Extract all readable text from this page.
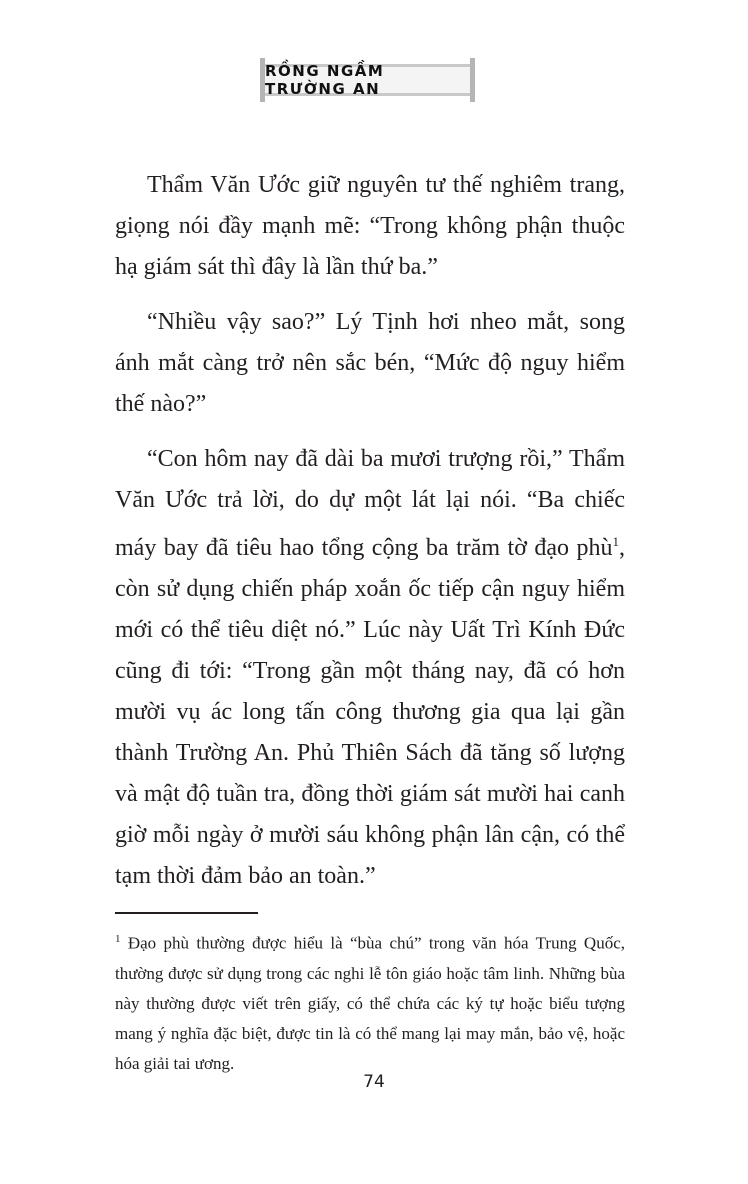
RỒNG NGẦM TRƯỜNG AN

Thẩm Văn Ước giữ nguyên tư thế nghiêm trang, giọng nói đầy mạnh mẽ: “Trong không phận thuộc hạ giám sát thì đây là lần thứ ba.”

“Nhiều vậy sao?” Lý Tịnh hơi nheo mắt, song ánh mắt càng trở nên sắc bén, “Mức độ nguy hiểm thế nào?”

“Con hôm nay đã dài ba mươi trượng rồi,” Thẩm Văn Ước trả lời, do dự một lát lại nói. “Ba chiếc máy bay đã tiêu hao tổng cộng ba trăm tờ đạo phù$^1$, còn sử dụng chiến pháp xoắn ốc tiếp cận nguy hiểm mới có thể tiêu diệt nó.” Lúc này Uất Trì Kính Đức cũng đi tới: “Trong gần một tháng nay, đã có hơn mười vụ ác long tấn công thương gia qua lại gần thành Trường An. Phủ Thiên Sách đã tăng số lượng và mật độ tuần tra, đồng thời giám sát mười hai canh giờ mỗi ngày ở mười sáu không phận lân cận, có thể tạm thời đảm bảo an toàn.”

$^1$ Đạo phù thường được hiểu là “bùa chú” trong văn hóa Trung Quốc, thường được sử dụng trong các nghi lễ tôn giáo hoặc tâm linh. Những bùa này thường được viết trên giấy, có thể chứa các ký tự hoặc biểu tượng mang ý nghĩa đặc biệt, được tin là có thể mang lại may mắn, bảo vệ, hoặc hóa giải tai ương.
74
